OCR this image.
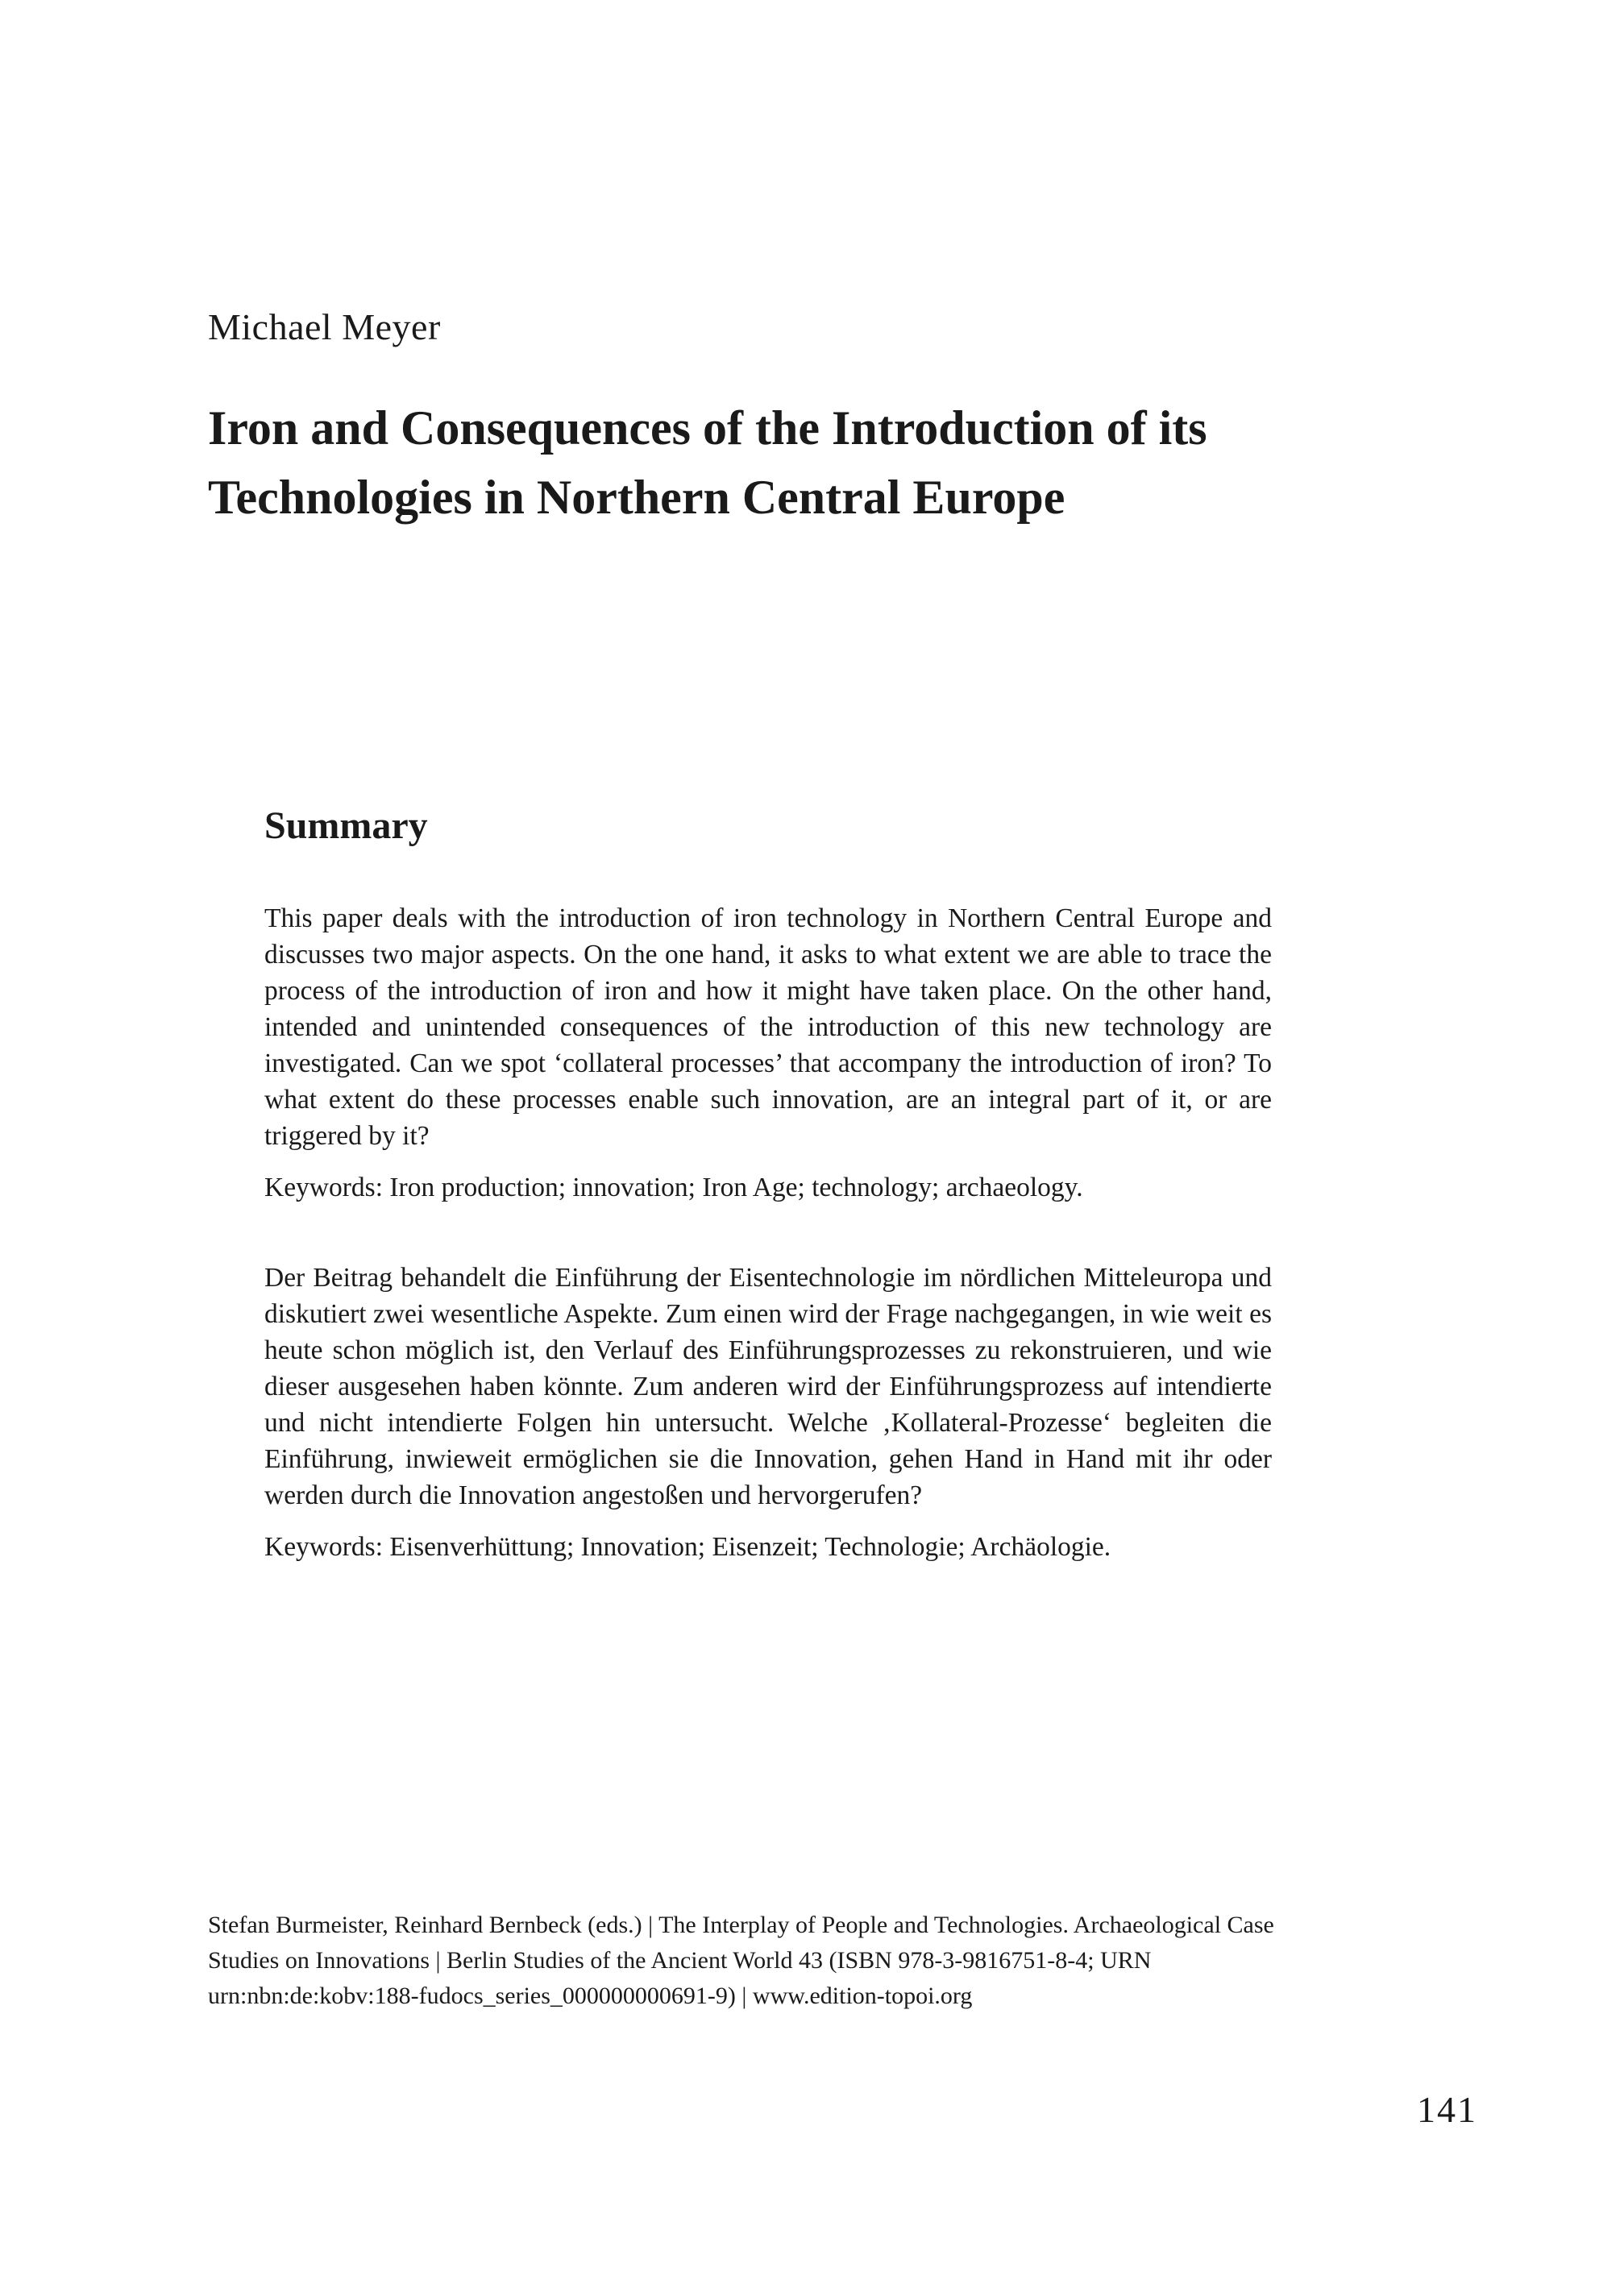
Michael Meyer
Iron and Consequences of the Introduction of its Technologies in Northern Central Europe
Summary

This paper deals with the introduction of iron technology in Northern Central Europe and discusses two major aspects. On the one hand, it asks to what extent we are able to trace the process of the introduction of iron and how it might have taken place. On the other hand, intended and unintended consequences of the introduction of this new technology are investigated. Can we spot ‘collateral processes’ that accompany the introduction of iron? To what extent do these processes enable such innovation, are an integral part of it, or are triggered by it?

Keywords: Iron production; innovation; Iron Age; technology; archaeology.

Der Beitrag behandelt die Einführung der Eisentechnologie im nördlichen Mitteleuropa und diskutiert zwei wesentliche Aspekte. Zum einen wird der Frage nachgegangen, in wie weit es heute schon möglich ist, den Verlauf des Einführungsprozesses zu rekonstruieren, und wie dieser ausgesehen haben könnte. Zum anderen wird der Einführungsprozess auf intendierte und nicht intendierte Folgen hin untersucht. Welche ‚Kollateral-Prozesse‘ begleiten die Einführung, inwieweit ermöglichen sie die Innovation, gehen Hand in Hand mit ihr oder werden durch die Innovation angestoßen und hervorgerufen?

Keywords: Eisenverhüttung; Innovation; Eisenzeit; Technologie; Archäologie.

Stefan Burmeister, Reinhard Bernbeck (eds.) | The Interplay of People and Technologies. Archaeological Case Studies on Innovations | Berlin Studies of the Ancient World 43 (ISBN 978-3-9816751-8-4; URN urn:nbn:de:kobv:188-fudocs_series_000000000691-9) | www.edition-topoi.org

141
